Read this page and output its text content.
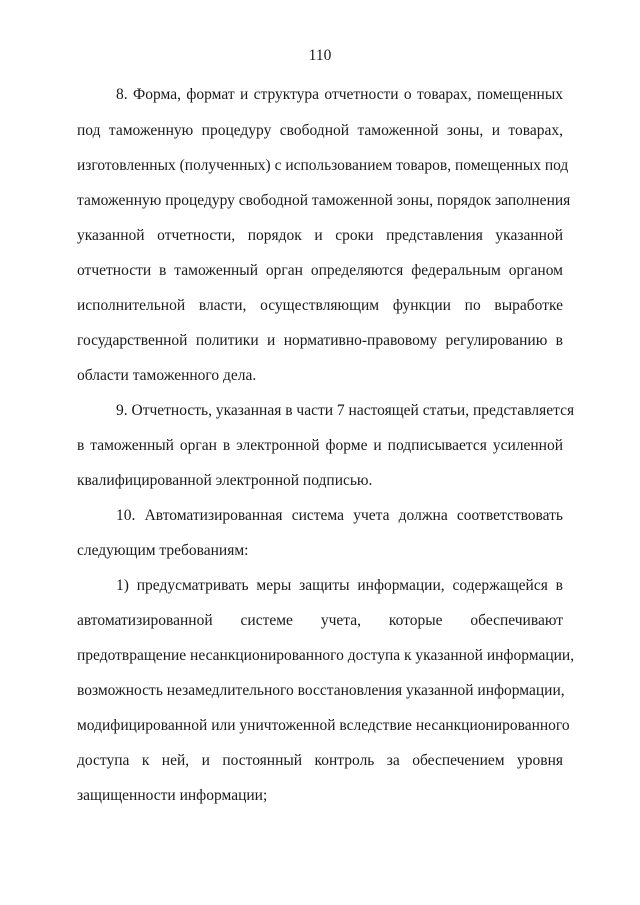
110
8. Форма, формат и структура отчетности о товарах, помещенных
под таможенную процедуру свободной таможенной зоны, и товарах,
изготовленных (полученных) с использованием товаров, помещенных под
таможенную процедуру свободной таможенной зоны, порядок заполнения
указанной отчетности, порядок и сроки представления указанной
отчетности в таможенный орган определяются федеральным органом
исполнительной власти, осуществляющим функции по выработке
государственной политики и нормативно-правовому регулированию в
области таможенного дела.
9. Отчетность, указанная в части 7 настоящей статьи, представляется
в таможенный орган в электронной форме и подписывается усиленной
квалифицированной электронной подписью.
10. Автоматизированная система учета должна соответствовать
следующим требованиям:
1) предусматривать меры защиты информации, содержащейся в
автоматизированной системе учета, которые обеспечивают
предотвращение несанкционированного доступа к указанной информации,
возможность незамедлительного восстановления указанной информации,
модифицированной или уничтоженной вследствие несанкционированного
доступа к ней, и постоянный контроль за обеспечением уровня
защищенности информации;
